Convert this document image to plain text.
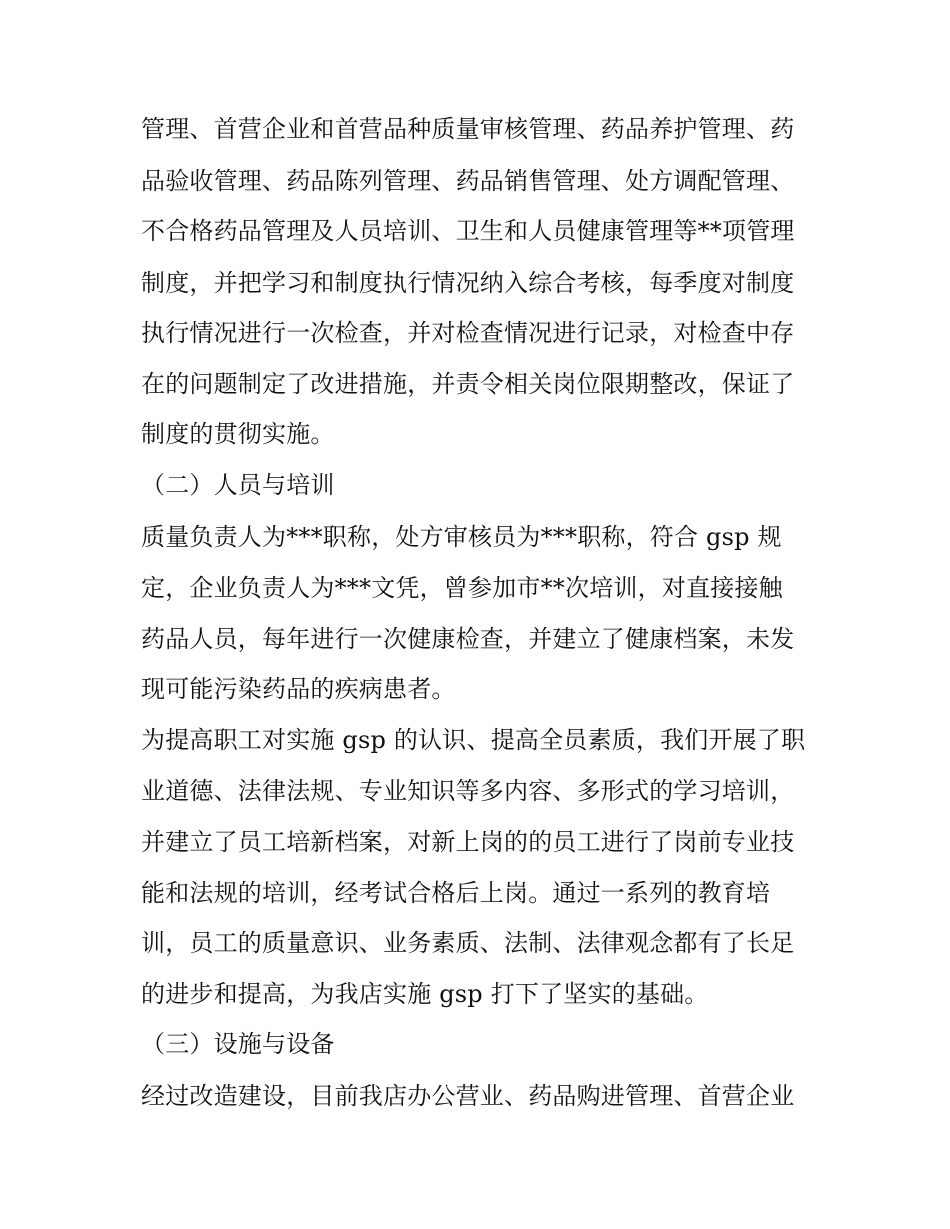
管理、首营企业和首营品种质量审核管理、药品养护管理、药
品验收管理、药品陈列管理、药品销售管理、处方调配管理、
不合格药品管理及人员培训、卫生和人员健康管理等**项管理
制度，并把学习和制度执行情况纳入综合考核，每季度对制度
执行情况进行一次检查，并对检查情况进行记录，对检查中存
在的问题制定了改进措施，并责令相关岗位限期整改，保证了
制度的贯彻实施。
（二）人员与培训
质量负责人为***职称，处方审核员为***职称，符合 gsp 规
定，企业负责人为***文凭，曾参加市**次培训，对直接接触
药品人员，每年进行一次健康检查，并建立了健康档案，未发
现可能污染药品的疾病患者。
为提高职工对实施 gsp 的认识、提高全员素质，我们开展了职
业道德、法律法规、专业知识等多内容、多形式的学习培训，
并建立了员工培新档案，对新上岗的的员工进行了岗前专业技
能和法规的培训，经考试合格后上岗。通过一系列的教育培
训，员工的质量意识、业务素质、法制、法律观念都有了长足
的进步和提高，为我店实施 gsp 打下了坚实的基础。
（三）设施与设备
经过改造建设，目前我店办公营业、药品购进管理、首营企业
